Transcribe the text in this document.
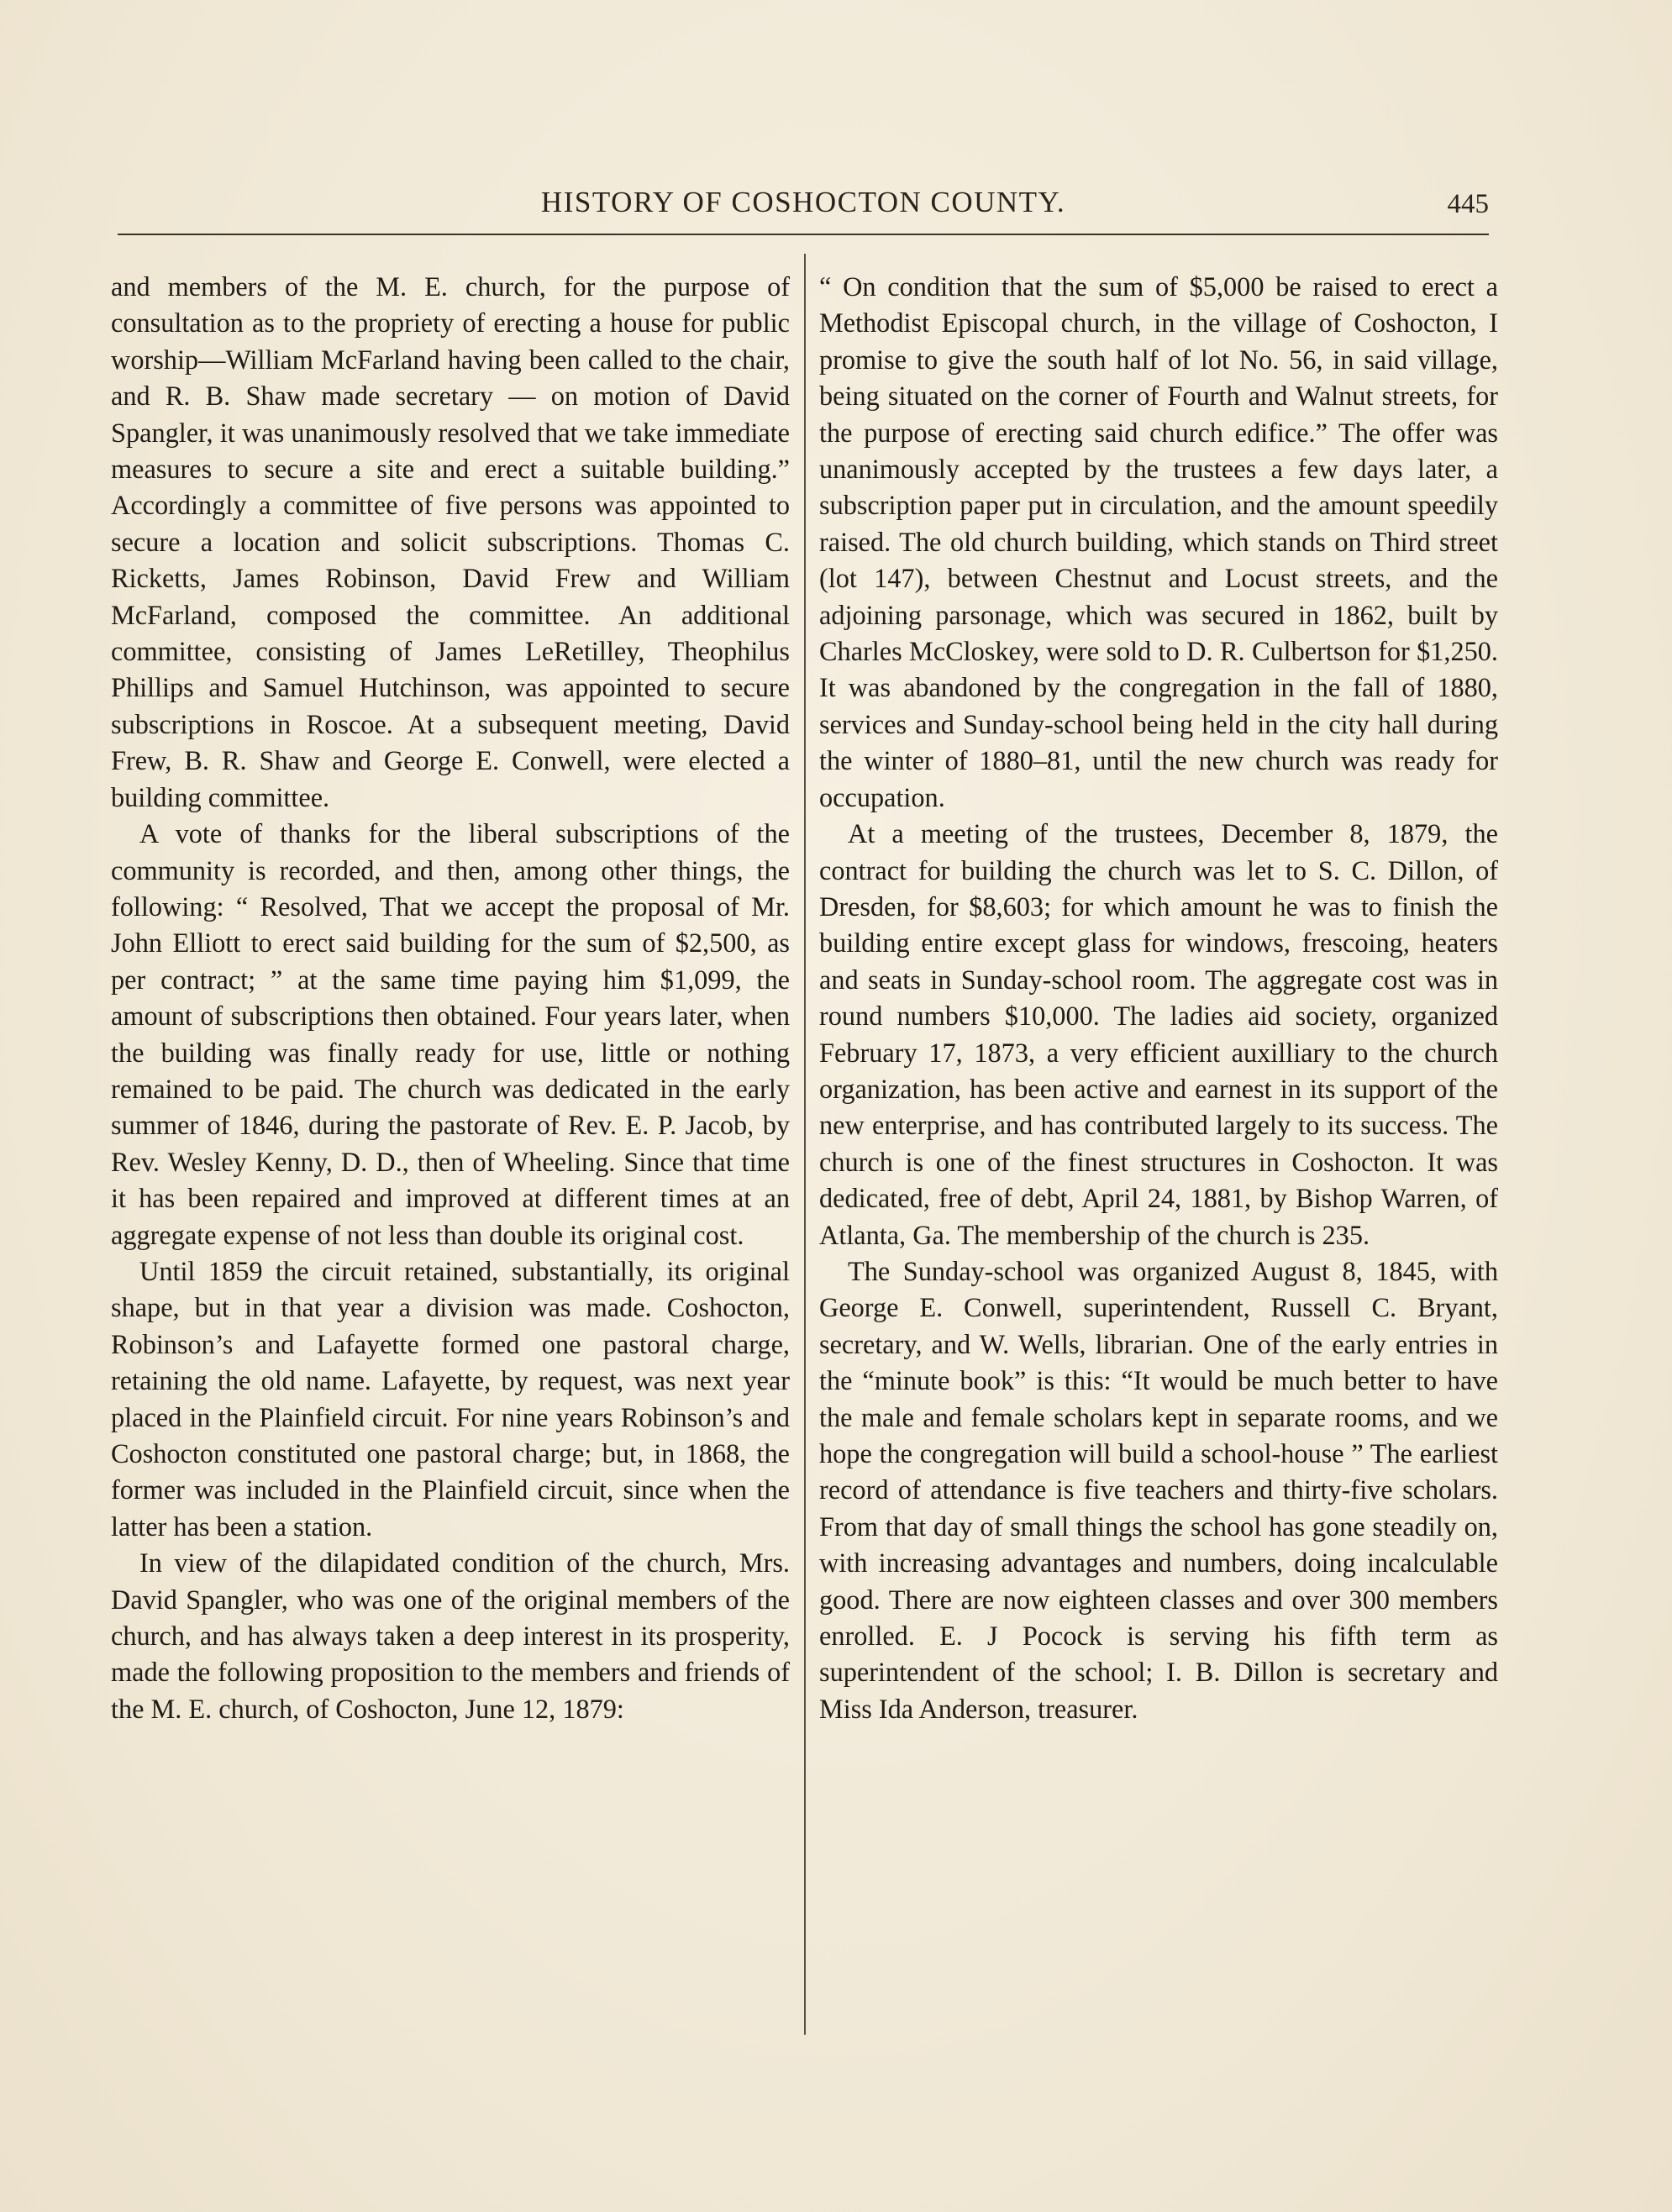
HISTORY OF COSHOCTON COUNTY.	445

and members of the M. E. church, for the purpose of consultation as to the propriety of erecting a house for public worship—William McFarland having been called to the chair, and R. B. Shaw made secretary — on motion of David Spangler, it was unanimously resolved that we take immediate measures to secure a site and erect a suitable building.” Accordingly a committee of five persons was appointed to secure a location and solicit subscriptions. Thomas C. Ricketts, James Robinson, David Frew and William McFarland, composed the committee. An additional committee, consisting of James LeRetilley, Theophilus Phillips and Samuel Hutchinson, was appointed to secure subscriptions in Roscoe. At a subsequent meeting, David Frew, B. R. Shaw and George E. Conwell, were elected a building committee.

A vote of thanks for the liberal subscriptions of the community is recorded, and then, among other things, the following: “ Resolved, That we accept the proposal of Mr. John Elliott to erect said building for the sum of $2,500, as per contract; ” at the same time paying him $1,099, the amount of subscriptions then obtained. Four years later, when the building was finally ready for use, little or nothing remained to be paid. The church was dedicated in the early summer of 1846, during the pastorate of Rev. E. P. Jacob, by Rev. Wesley Kenny, D. D., then of Wheeling. Since that time it has been repaired and improved at different times at an aggregate expense of not less than double its original cost.

Until 1859 the circuit retained, substantially, its original shape, but in that year a division was made. Coshocton, Robinson’s and Lafayette formed one pastoral charge, retaining the old name. Lafayette, by request, was next year placed in the Plainfield circuit. For nine years Robinson’s and Coshocton constituted one pastoral charge; but, in 1868, the former was included in the Plainfield circuit, since when the latter has been a station.

In view of the dilapidated condition of the church, Mrs. David Spangler, who was one of the original members of the church, and has always taken a deep interest in its prosperity, made the following proposition to the members and friends of the M. E. church, of Coshocton, June 12, 1879:

“ On condition that the sum of $5,000 be raised to erect a Methodist Episcopal church, in the village of Coshocton, I promise to give the south half of lot No. 56, in said village, being situated on the corner of Fourth and Walnut streets, for the purpose of erecting said church edifice.” The offer was unanimously accepted by the trustees a few days later, a subscription paper put in circulation, and the amount speedily raised. The old church building, which stands on Third street (lot 147), between Chestnut and Locust streets, and the adjoining parsonage, which was secured in 1862, built by Charles McCloskey, were sold to D. R. Culbertson for $1,250. It was abandoned by the congregation in the fall of 1880, services and Sunday-school being held in the city hall during the winter of 1880–81, until the new church was ready for occupation.

At a meeting of the trustees, December 8, 1879, the contract for building the church was let to S. C. Dillon, of Dresden, for $8,603; for which amount he was to finish the building entire except glass for windows, frescoing, heaters and seats in Sunday-school room. The aggregate cost was in round numbers $10,000. The ladies aid society, organized February 17, 1873, a very efficient auxilliary to the church organization, has been active and earnest in its support of the new enterprise, and has contributed largely to its success. The church is one of the finest structures in Coshocton. It was dedicated, free of debt, April 24, 1881, by Bishop Warren, of Atlanta, Ga. The membership of the church is 235.

The Sunday-school was organized August 8, 1845, with George E. Conwell, superintendent, Russell C. Bryant, secretary, and W. Wells, librarian. One of the early entries in the “minute book” is this: “It would be much better to have the male and female scholars kept in separate rooms, and we hope the congregation will build a school-house ” The earliest record of attendance is five teachers and thirty-five scholars. From that day of small things the school has gone steadily on, with increasing advantages and numbers, doing incalculable good. There are now eighteen classes and over 300 members enrolled. E. J Pocock is serving his fifth term as superintendent of the school; I. B. Dillon is secretary and Miss Ida Anderson, treasurer.
